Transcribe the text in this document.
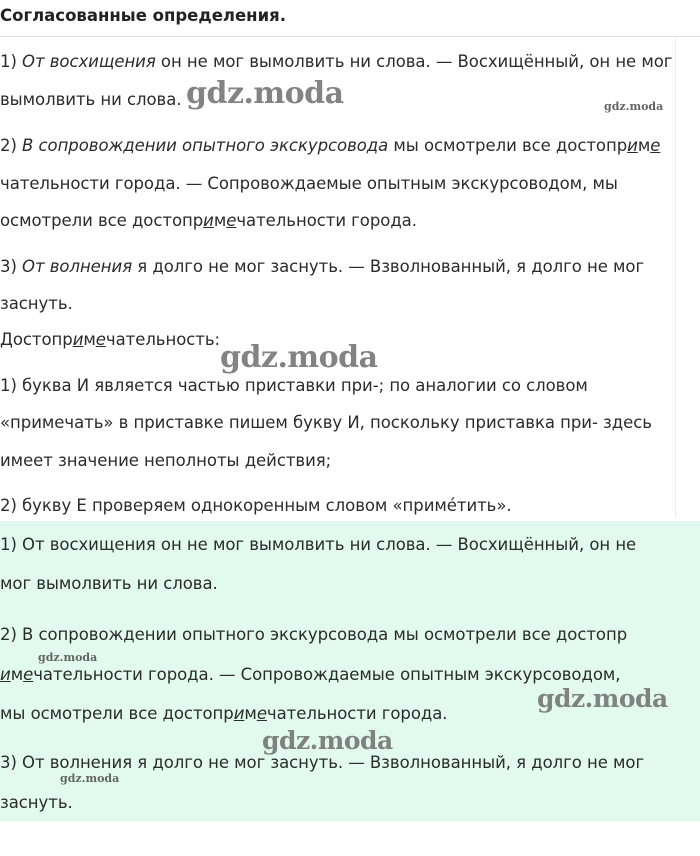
Согласованные определения.
1) От восхищения он не мог вымолвить ни слова. — Восхищённый, он не мог
вымолвить ни слова.
2) В сопровождении опытного экскурсовода мы осмотрели все достоприме
чательности города. — Сопровождаемые опытным экскурсоводом, мы
осмотрели все достопримечательности города.
3) От волнения я долго не мог заснуть. — Взволнованный, я долго не мог
заснуть.
Достопримечательность:
1) буква И является частью приставки при-; по аналогии со словом
«примечать» в приставке пишем букву И, поскольку приставка при- здесь
имеет значение неполноты действия;
2) букву Е проверяем однокоренным словом «примéтить».
1) От восхищения он не мог вымолвить ни слова. — Восхищённый, он не
мог вымолвить ни слова.
2) В сопровождении опытного экскурсовода мы осмотрели все достопр
имечательности города. — Сопровождаемые опытным экскурсоводом,
мы осмотрели все достопримечательности города.
3) От волнения я долго не мог заснуть. — Взволнованный, я долго не мог
заснуть.
gdz.moda	gdz.moda
gdz.moda
gdz.moda
gdz.moda
gdz.moda
gdz.moda
